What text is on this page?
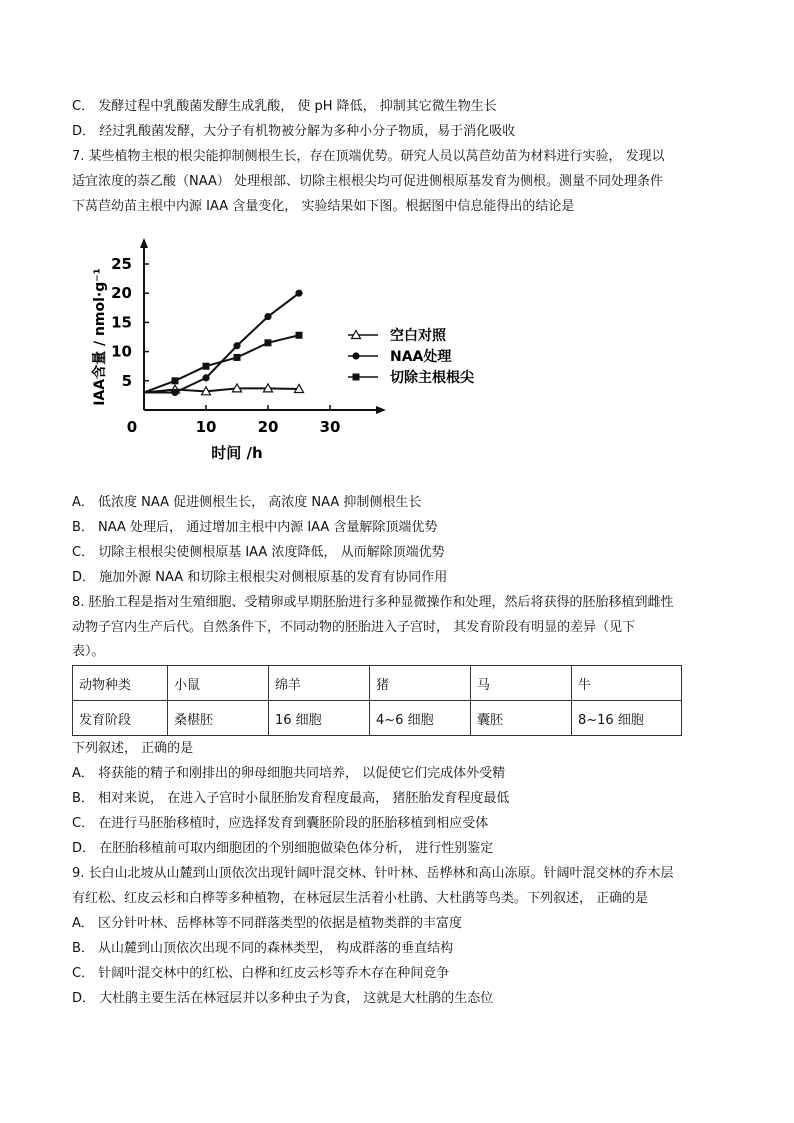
C． 发酵过程中乳酸菌发酵生成乳酸， 使 pH 降低， 抑制其它微生物生长
D． 经过乳酸菌发酵，大分子有机物被分解为多种小分子物质，易于消化吸收
7. 某些植物主根的根尖能抑制侧根生长，存在顶端优势。研究人员以莴苣幼苗为材料进行实验， 发现以
适宜浓度的萘乙酸（NAA） 处理根部、切除主根根尖均可促进侧根原基发育为侧根。测量不同处理条件
下莴苣幼苗主根中内源 IAA 含量变化， 实验结果如下图。根据图中信息能得出的结论是
5
10
15
20
25
0	10	20	30
时间 /h
IAA含量 / nmol·g⁻¹	空白对照
NAA处理
切除主根根尖
A． 低浓度 NAA 促进侧根生长， 高浓度 NAA 抑制侧根生长
B． NAA 处理后， 通过增加主根中内源 IAA 含量解除顶端优势
C． 切除主根根尖使侧根原基 IAA 浓度降低， 从而解除顶端优势
D． 施加外源 NAA 和切除主根根尖对侧根原基的发育有协同作用
8. 胚胎工程是指对生殖细胞、受精卵或早期胚胎进行多种显微操作和处理，然后将获得的胚胎移植到雌性
动物子宫内生产后代。自然条件下，不同动物的胚胎进入子宫时， 其发育阶段有明显的差异（见下
表）。
动物种类	小鼠	绵羊	猪	马	牛
发育阶段	桑椹胚	16 细胞	4~6 细胞	囊胚	8~16 细胞
下列叙述， 正确的是
A． 将获能的精子和刚排出的卵母细胞共同培养， 以促使它们完成体外受精
B． 相对来说， 在进入子宫时小鼠胚胎发育程度最高， 猪胚胎发育程度最低
C． 在进行马胚胎移植时，应选择发育到囊胚阶段的胚胎移植到相应受体
D． 在胚胎移植前可取内细胞团的个别细胞做染色体分析， 进行性别鉴定
9. 长白山北坡从山麓到山顶依次出现针阔叶混交林、针叶林、岳桦林和高山冻原。针阔叶混交林的乔木层
有红松、红皮云杉和白桦等多种植物，在林冠层生活着小杜鹃、大杜鹃等鸟类。下列叙述， 正确的是
A． 区分针叶林、岳桦林等不同群落类型的依据是植物类群的丰富度
B． 从山麓到山顶依次出现不同的森林类型， 构成群落的垂直结构
C． 针阔叶混交林中的红松、白桦和红皮云杉等乔木存在种间竞争
D． 大杜鹃主要生活在林冠层并以多种虫子为食， 这就是大杜鹃的生态位
